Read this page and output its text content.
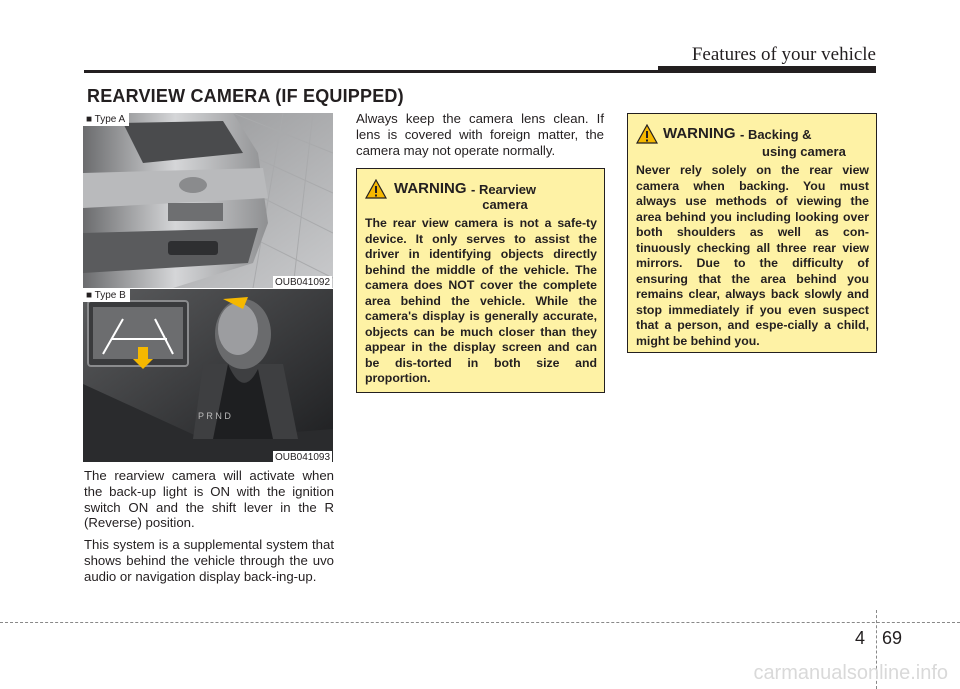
Features of your vehicle
REARVIEW CAMERA (IF EQUIPPED)
■ Type A
OUB041092
P R N D
■ Type B
OUB041093

The rearview camera will activate when the back-up light is ON with the ignition switch ON and the shift lever in the R (Reverse) position.

This system is a supplemental system that shows behind the vehicle through the uvo audio or navigation display back-ing-up.

Always keep the camera lens clean. If lens is covered with foreign matter, the camera may not operate normally.

WARNING - Rearview
camera
The rear view camera is not a safe-ty device. It only serves to assist the driver in identifying objects directly behind the middle of the vehicle. The camera does NOT cover the complete area behind the vehicle. While the camera's display is generally accurate, objects can be much closer than they appear in the display screen and can be dis-torted in both size and proportion.
WARNING - Backing &
using camera
Never rely solely on the rear view camera when backing. You must always use methods of viewing the area behind you including looking over both shoulders as well as con-tinuously checking all three rear view mirrors. Due to the difficulty of ensuring that the area behind you remains clear, always back slowly and stop immediately if you even suspect that a person, and espe-cially a child, might be behind you.
4 69
carmanualsonline.info
